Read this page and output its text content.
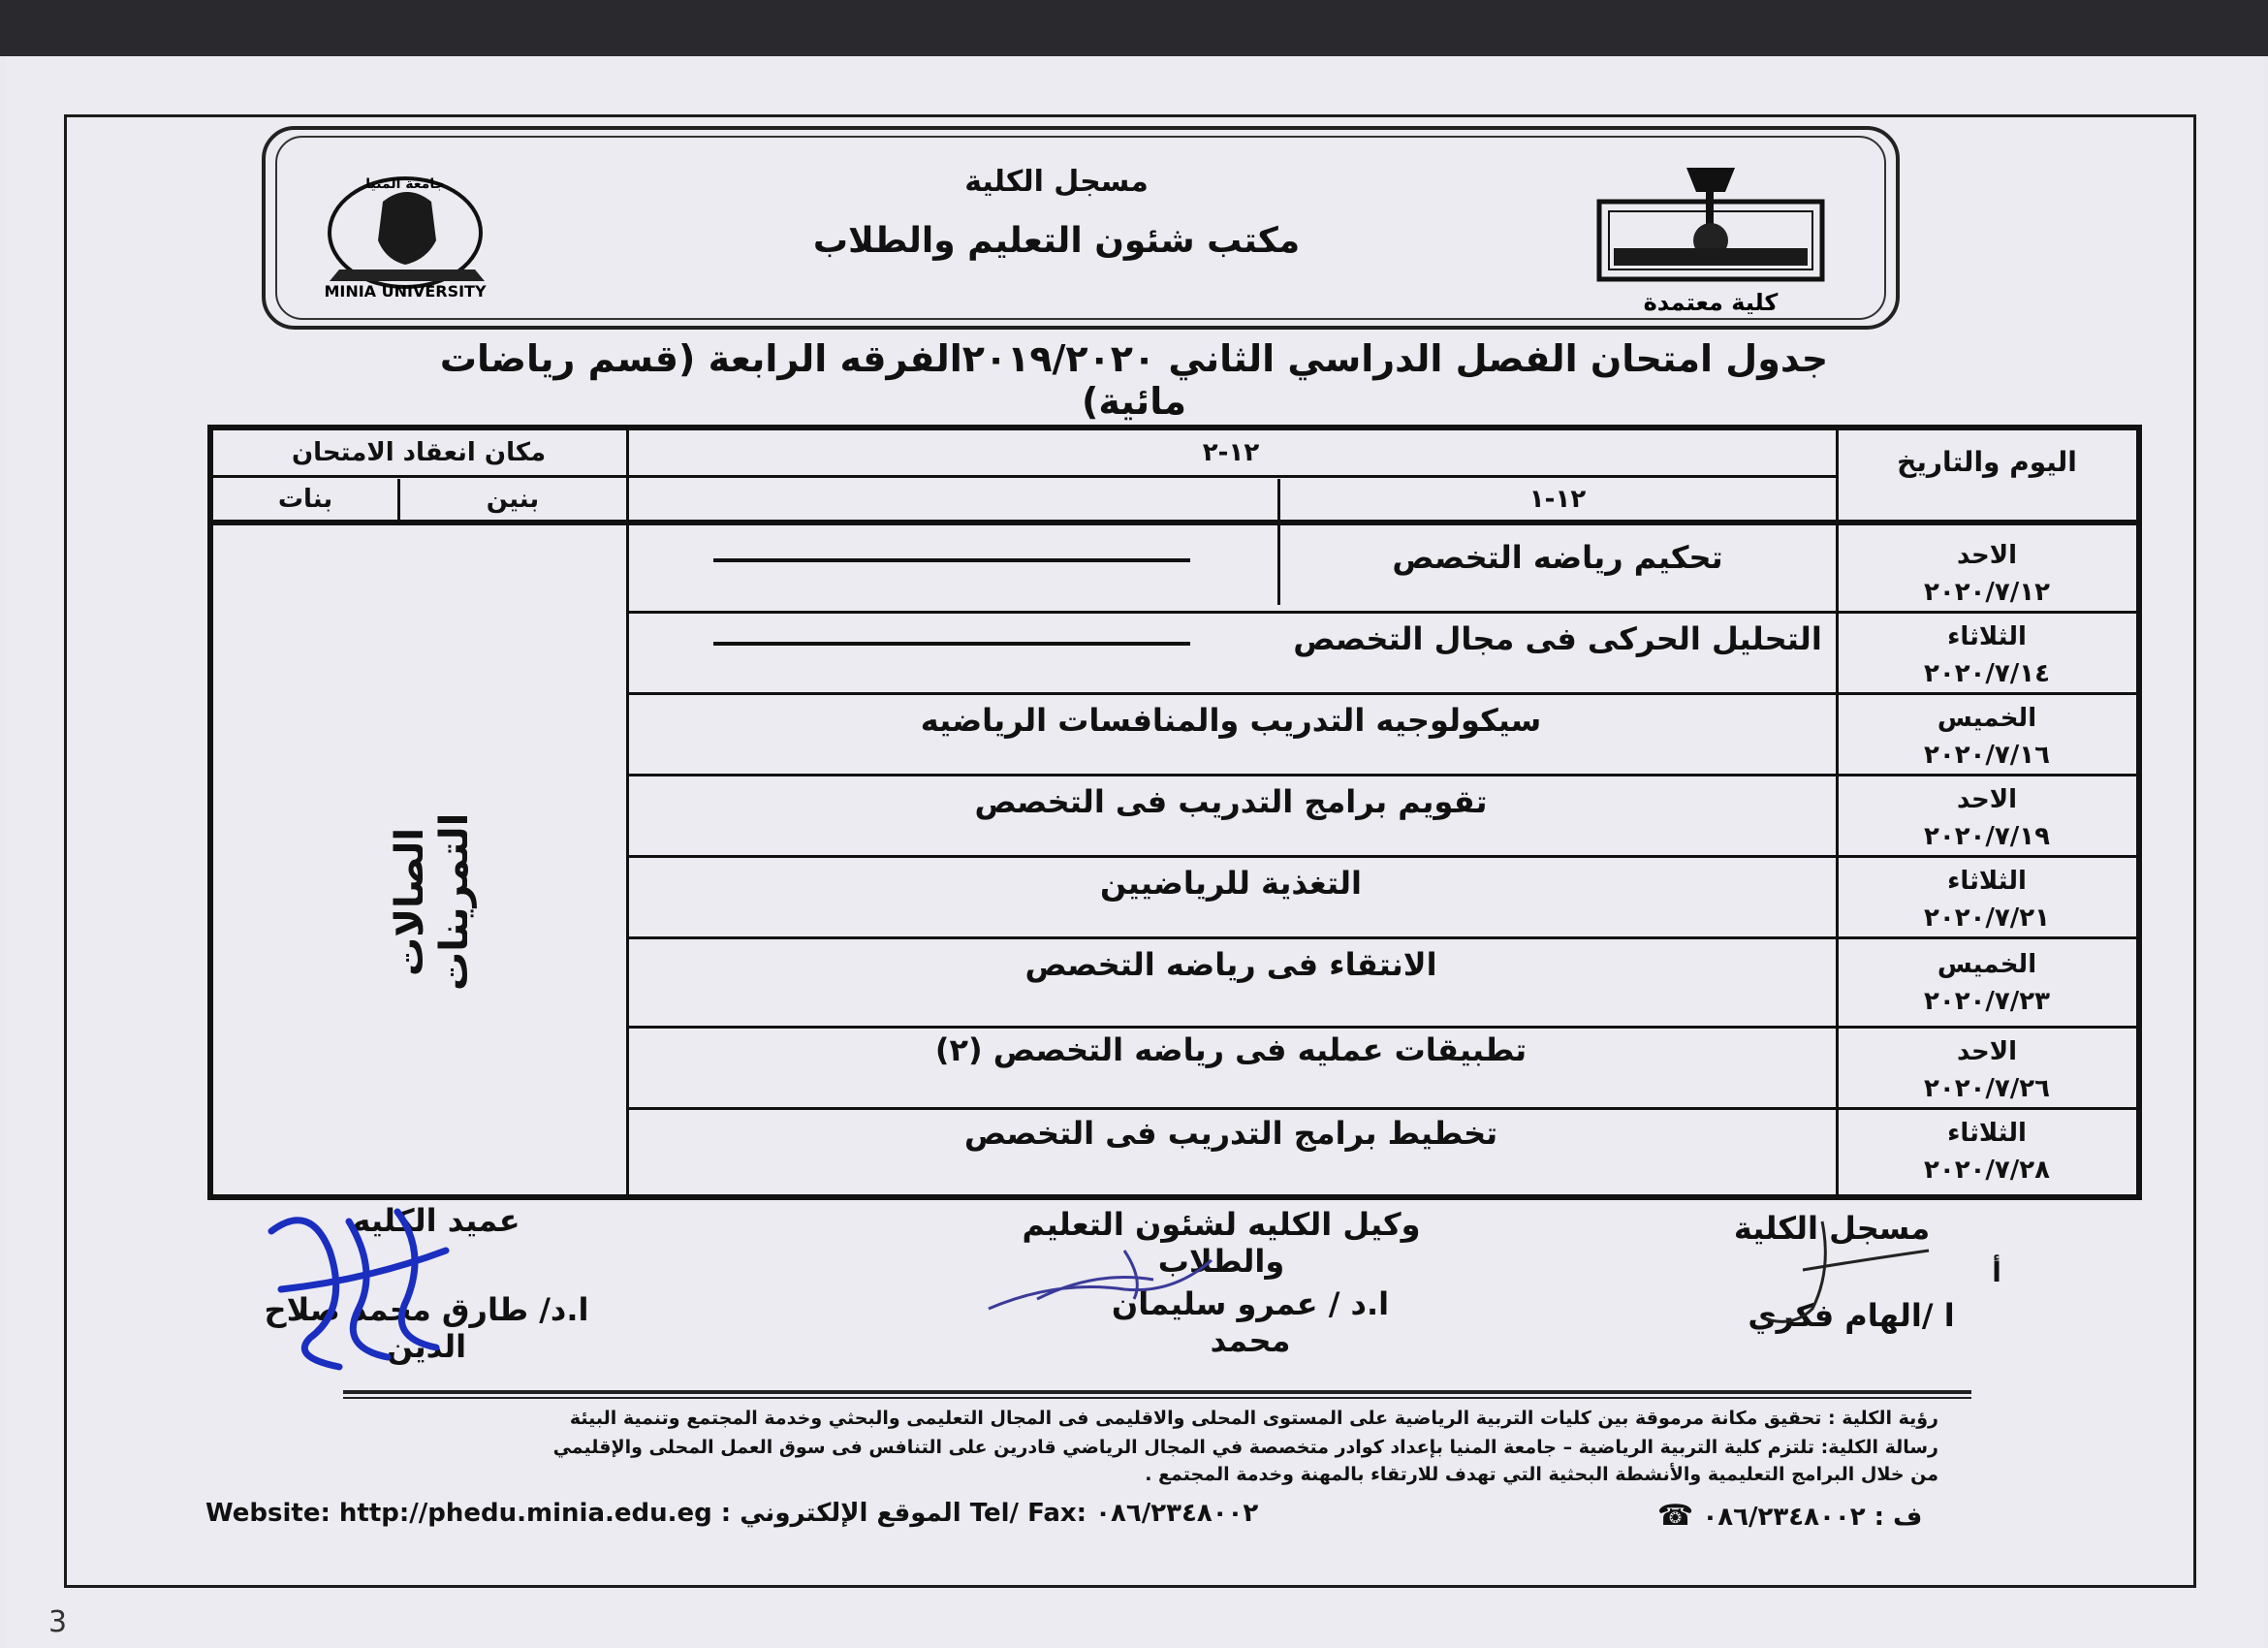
جامعة المنيا
MINIA UNIVERSITY	كلية معتمدة
مسجل الكلية
مكتب شئون التعليم والطلاب
جدول امتحان الفصل الدراسي الثاني ٢٠١٩/٢٠٢٠الفرقه الرابعة (قسم رياضات مائية)
اليوم والتاريخ
١٢-٢
١٢-١
مكان انعقاد الامتحان
بنين
بنات
الاحد
٢٠٢٠/٧/١٢
تحكيم رياضه التخصص
الثلاثاء
٢٠٢٠/٧/١٤
التحليل الحركى فى مجال التخصص
الخميس
٢٠٢٠/٧/١٦
سيكولوجيه التدريب والمنافسات الرياضيه
الاحد
٢٠٢٠/٧/١٩
تقويم برامج التدريب فى التخصص
الثلاثاء
٢٠٢٠/٧/٢١
التغذية للرياضيين
الخميس
٢٠٢٠/٧/٢٣
الانتقاء فى رياضه التخصص
الاحد
٢٠٢٠/٧/٢٦
تطبيقات عمليه فى رياضه التخصص (٢)
الثلاثاء
٢٠٢٠/٧/٢٨
تخطيط برامج التدريب فى التخصص
الصالات التمرينات
مسجل الكلية
أ
ا /الهام فكري
وكيل الكليه لشئون التعليم والطلاب
ا.د / عمرو سليمان محمد
عميد الكليه
ا.د/ طارق محمد صلاح الدين
رؤية الكلية : تحقيق مكانة مرموقة بين كليات التربية الرياضية على المستوى المحلى والاقليمى فى المجال التعليمى والبحثي وخدمة المجتمع وتنمية البيئة
رسالة الكلية: تلتزم كلية التربية الرياضية – جامعة المنيا بإعداد كوادر متخصصة في المجال الرياضي قادرين على التنافس فى سوق العمل المحلى والإقليمي
من خلال البرامج التعليمية والأنشطة البحثية التي تهدف للارتقاء بالمهنة وخدمة المجتمع .
Website: http://phedu.minia.edu.eg : الموقع الإلكتروني Tel/ Fax: ٠٨٦/٢٣٤٨٠٠٢	ف : ٠٨٦/٢٣٤٨٠٠٢ ☎
3
